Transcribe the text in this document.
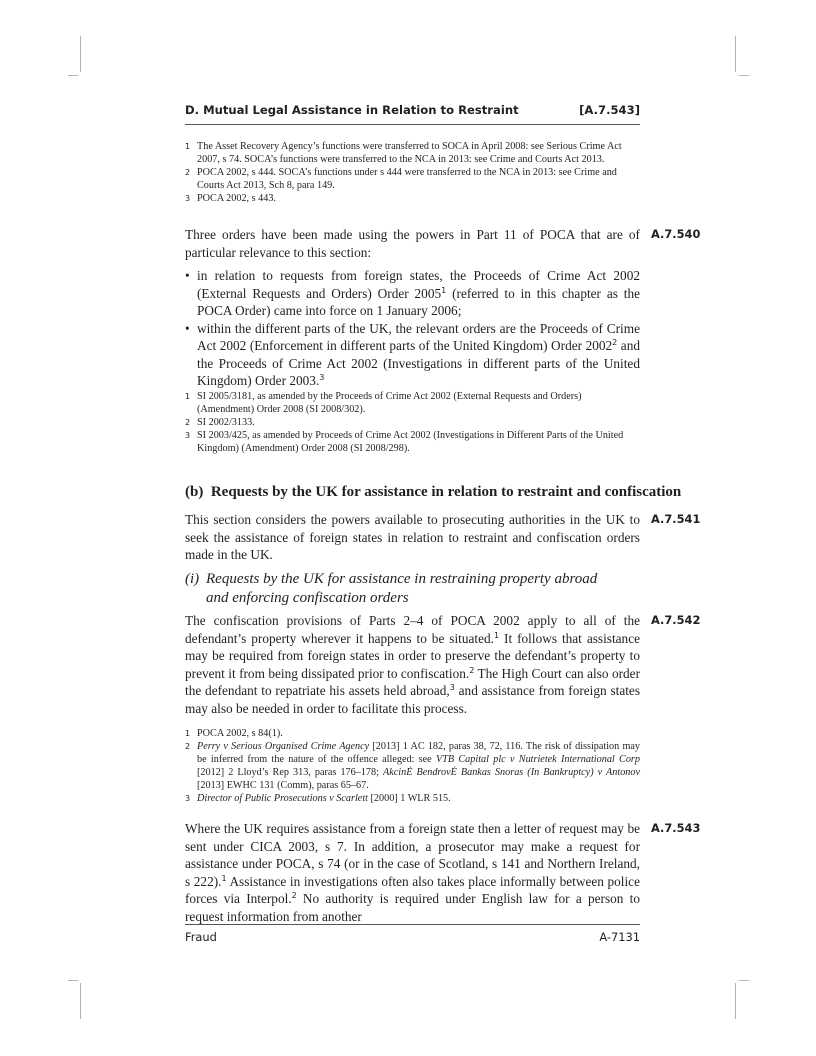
D. Mutual Legal Assistance in Relation to Restraint	[A.7.543]
1 The Asset Recovery Agency’s functions were transferred to SOCA in April 2008: see Serious Crime Act 2007, s 74. SOCA’s functions were transferred to the NCA in 2013: see Crime and Courts Act 2013.
2 POCA 2002, s 444. SOCA’s functions under s 444 were transferred to the NCA in 2013: see Crime and Courts Act 2013, Sch 8, para 149.
3 POCA 2002, s 443.
A.7.540
Three orders have been made using the powers in Part 11 of POCA that are of particular relevance to this section:
• in relation to requests from foreign states, the Proceeds of Crime Act 2002 (External Requests and Orders) Order 2005$^1$ (referred to in this chapter as the POCA Order) came into force on 1 January 2006;
• within the different parts of the UK, the relevant orders are the Proceeds of Crime Act 2002 (Enforcement in different parts of the United Kingdom) Order 2002$^2$ and the Proceeds of Crime Act 2002 (Investigations in different parts of the United Kingdom) Order 2003.$^3$
1 SI 2005/3181, as amended by the Proceeds of Crime Act 2002 (External Requests and Orders) (Amendment) Order 2008 (SI 2008/302).
2 SI 2002/3133.
3 SI 2003/425, as amended by Proceeds of Crime Act 2002 (Investigations in Different Parts of the United Kingdom) (Amendment) Order 2008 (SI 2008/298).
(b)  Requests by the UK for assistance in relation to restraint and confiscation
A.7.541
This section considers the powers available to prosecuting authorities in the UK to seek the assistance of foreign states in relation to restraint and confiscation orders made in the UK.
(i) Requests by the UK for assistance in restraining property abroad
and enforcing confiscation orders
A.7.542
The confiscation provisions of Parts 2–4 of POCA 2002 apply to all of the defendant’s property wherever it happens to be situated.$^1$ It follows that assistance may be required from foreign states in order to preserve the defendant’s property to prevent it from being dissipated prior to confiscation.$^2$ The High Court can also order the defendant to repatriate his assets held abroad,$^3$ and assistance from foreign states may also be needed in order to facilitate this process.
1 POCA 2002, s 84(1).
2 Perry v Serious Organised Crime Agency [2013] 1 AC 182, paras 38, 72, 116. The risk of dissipation may be inferred from the nature of the offence alleged: see VTB Capital plc v Nutrietek International Corp [2012] 2 Lloyd’s Rep 313, paras 176–178; AkcinĖ BendrovĖ Bankas Snoras (In Bankruptcy) v Antonov [2013] EWHC 131 (Comm), paras 65–67.
3 Director of Public Prosecutions v Scarlett [2000] 1 WLR 515.
A.7.543
Where the UK requires assistance from a foreign state then a letter of request may be sent under CICA 2003, s 7. In addition, a prosecutor may make a request for assistance under POCA, s 74 (or in the case of Scotland, s 141 and Northern Ireland, s 222).$^1$ Assistance in investigations often also takes place informally between police forces via Interpol.$^2$ No authority is required under English law for a person to request information from another
Fraud	A-7131
